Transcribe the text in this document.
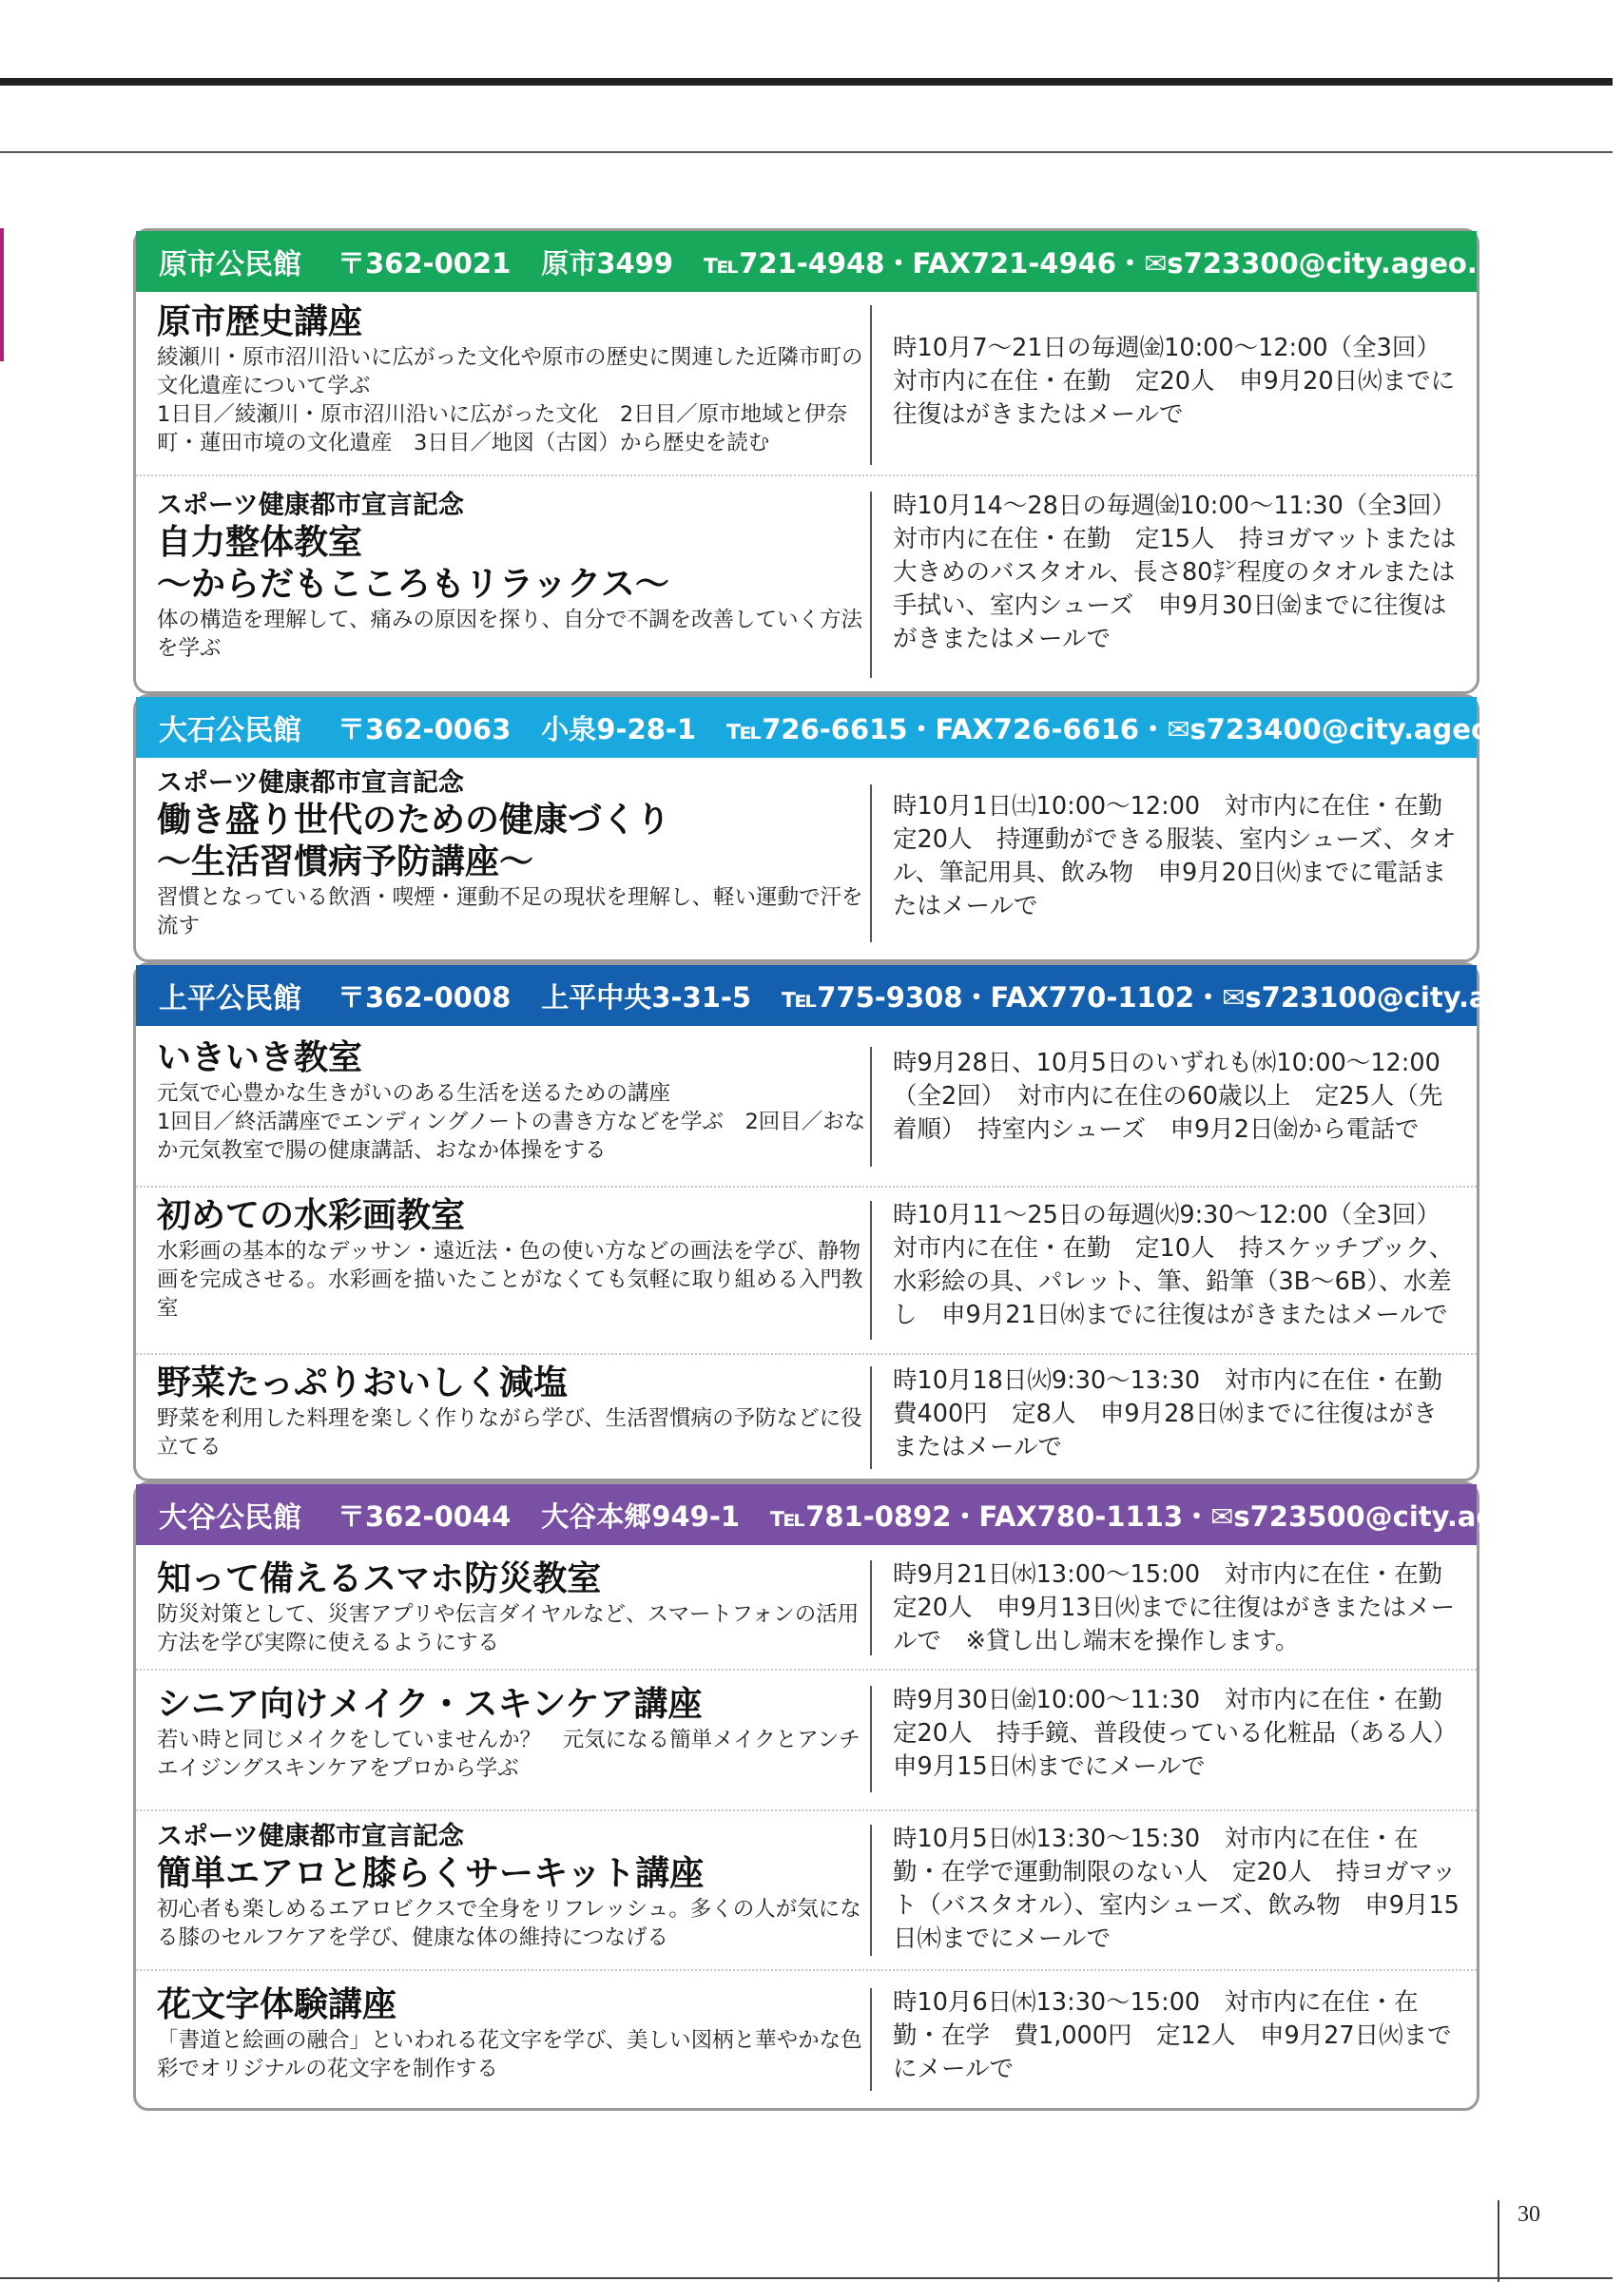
原市公民館 〒362-0021 原市3499 ℡721-4948・FAX721-4946・✉s723300@city.ageo.lg.jp
原市歴史講座
綾瀬川・原市沼川沿いに広がった文化や原市の歴史に関連した近隣市町の文化遺産について学ぶ
1日目／綾瀬川・原市沼川沿いに広がった文化　2日目／原市地域と伊奈町・蓮田市境の文化遺産　3日目／地図（古図）から歴史を読む
時10月7～21日の毎週㈮10:00～12:00（全3回）　対市内に在住・在勤　定20人　申9月20日㈫までに往復はがきまたはメールで
スポーツ健康都市宣言記念
自力整体教室
～からだもこころもリラックス～
体の構造を理解して、痛みの原因を探り、自分で不調を改善していく方法を学ぶ
時10月14～28日の毎週㈮10:00～11:30（全3回）　対市内に在住・在勤　定15人　持ヨガマットまたは大きめのバスタオル、長さ80㌢程度のタオルまたは手拭い、室内シューズ　申9月30日㈮までに往復はがきまたはメールで
大石公民館 〒362-0063 小泉9-28-1 ℡726-6615・FAX726-6616・✉s723400@city.ageo.lg.jp
スポーツ健康都市宣言記念
働き盛り世代のための健康づくり
～生活習慣病予防講座～
習慣となっている飲酒・喫煙・運動不足の現状を理解し、軽い運動で汗を流す
時10月1日㈯10:00～12:00　対市内に在住・在勤　定20人　持運動ができる服装、室内シューズ、タオル、筆記用具、飲み物　申9月20日㈫までに電話またはメールで
上平公民館 〒362-0008 上平中央3-31-5 ℡775-9308・FAX770-1102・✉s723100@city.ageo.lg.jp
いきいき教室
元気で心豊かな生きがいのある生活を送るための講座
1回目／終活講座でエンディングノートの書き方などを学ぶ　2回目／おなか元気教室で腸の健康講話、おなか体操をする
時9月28日、10月5日のいずれも㈬10:00～12:00（全2回）　対市内に在住の60歳以上　定25人（先着順）　持室内シューズ　申9月2日㈮から電話で
初めての水彩画教室
水彩画の基本的なデッサン・遠近法・色の使い方などの画法を学び、静物画を完成させる。水彩画を描いたことがなくても気軽に取り組める入門教室
時10月11～25日の毎週㈫9:30～12:00（全3回）　対市内に在住・在勤　定10人　持スケッチブック、水彩絵の具、パレット、筆、鉛筆（3B～6B）、水差し　申9月21日㈬までに往復はがきまたはメールで
野菜たっぷりおいしく減塩
野菜を利用した料理を楽しく作りながら学び、生活習慣病の予防などに役立てる
時10月18日㈫9:30～13:30　対市内に在住・在勤　費400円　定8人　申9月28日㈬までに往復はがきまたはメールで
大谷公民館 〒362-0044 大谷本郷949-1 ℡781-0892・FAX780-1113・✉s723500@city.ageo.lg.jp
知って備えるスマホ防災教室
防災対策として、災害アプリや伝言ダイヤルなど、スマートフォンの活用方法を学び実際に使えるようにする
時9月21日㈬13:00～15:00　対市内に在住・在勤　定20人　申9月13日㈫までに往復はがきまたはメールで　※貸し出し端末を操作します。
シニア向けメイク・スキンケア講座
若い時と同じメイクをしていませんか？　元気になる簡単メイクとアンチエイジングスキンケアをプロから学ぶ
時9月30日㈮10:00～11:30　対市内に在住・在勤　定20人　持手鏡、普段使っている化粧品（ある人）　申9月15日㈭までにメールで
スポーツ健康都市宣言記念
簡単エアロと膝らくサーキット講座
初心者も楽しめるエアロビクスで全身をリフレッシュ。多くの人が気になる膝のセルフケアを学び、健康な体の維持につなげる
時10月5日㈬13:30～15:30　対市内に在住・在勤・在学で運動制限のない人　定20人　持ヨガマット（バスタオル）、室内シューズ、飲み物　申9月15日㈭までにメールで
花文字体験講座
「書道と絵画の融合」といわれる花文字を学び、美しい図柄と華やかな色彩でオリジナルの花文字を制作する
時10月6日㈭13:30～15:00　対市内に在住・在勤・在学　費1,000円　定12人　申9月27日㈫までにメールで
30
